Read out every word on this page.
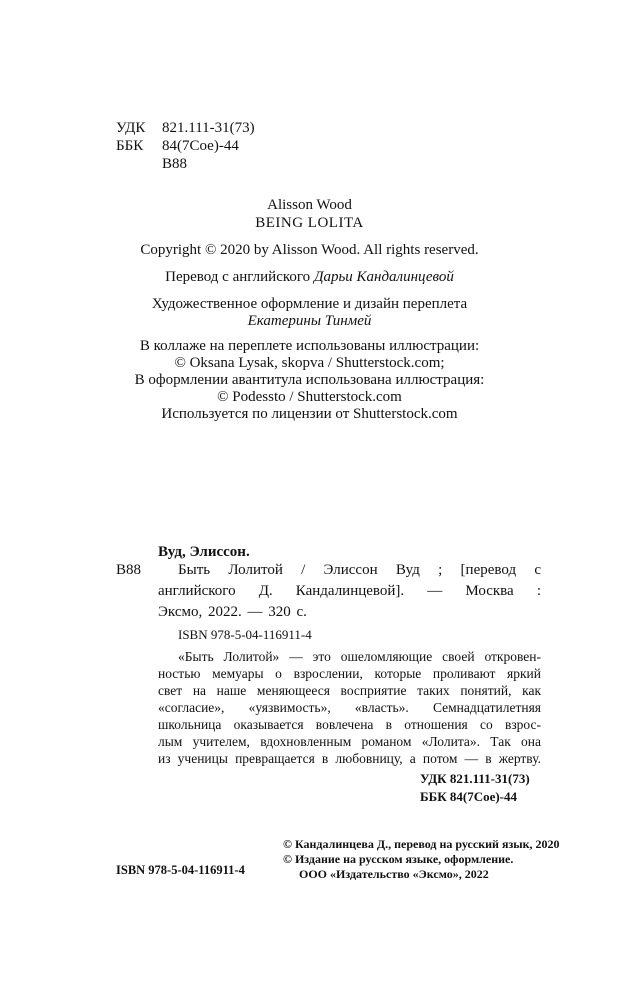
УДК 821.111-31(73)
ББК 84(7Сое)-44
В88
Alisson Wood
BEING LOLITA
Copyright © 2020 by Alisson Wood. All rights reserved.
Перевод с английского Дарьи Кандалинцевой
Художественное оформление и дизайн переплета
Екатерины Тинмей
В коллаже на переплете использованы иллюстрации:
© Oksana Lysak, skopva / Shutterstock.com;
В оформлении авантитула использована иллюстрация:
© Podessto / Shutterstock.com
Используется по лицензии от Shutterstock.com
Вуд, Элиссон.
В88 Быть Лолитой / Элиссон Вуд ; [перевод с
английского Д. Кандалинцевой]. — Москва :
Эксмо, 2022. — 320 с.
ISBN 978-5-04-116911-4
«Быть Лолитой» — это ошеломляющие своей откровен-
ностью мемуары о взрослении, которые проливают яркий
свет на наше меняющееся восприятие таких понятий, как
«согласие», «уязвимость», «власть». Семнадцатилетняя
школьница оказывается вовлечена в отношения со взрос-
лым учителем, вдохновленным романом «Лолита». Так она
из ученицы превращается в любовницу, а потом — в жертву.
УДК 821.111-31(73)
ББК 84(7Сое)-44
© Кандалинцева Д., перевод на русский язык, 2020
© Издание на русском языке, оформление.
ISBN 978-5-04-116911-4	ООО «Издательство «Эксмо», 2022
